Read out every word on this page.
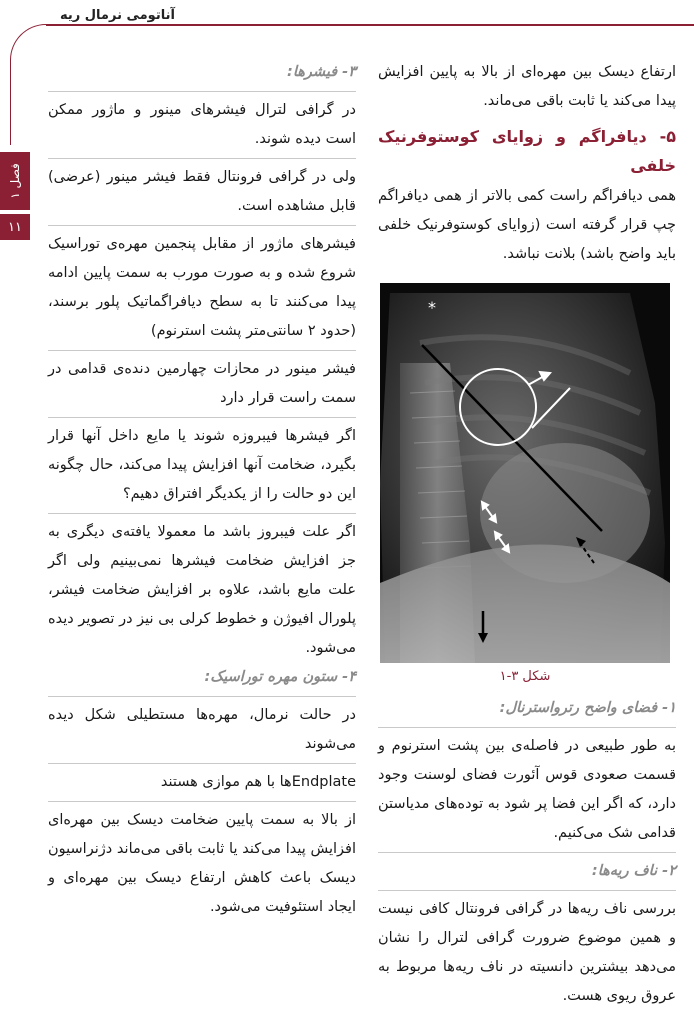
آناتومی نرمال ریه
فصل ۱
۱۱

ارتفاع دیسک بین مهره‌ای از بالا به پایین افزایش پیدا می‌کند یا ثابت باقی می‌ماند.

۵- دیافراگم و زوایای کوستوفرنیک خلفی

همی دیافراگم راست کمی بالاتر از همی دیافراگم چپ قرار گرفته است (زوایای کوستوفرنیک خلفی باید واضح باشد) بلانت نباشد.

*
شکل ۳-۱
۱- فضای واضح رترواسترنال:

به طور طبیعی در فاصله‌ی بین پشت استرنوم و قسمت صعودی قوس آئورت فضای لوسنت وجود دارد، که اگر این فضا پر شود به توده‌های مدیاستن قدامی شک می‌کنیم.

۲- ناف ریه‌ها:

بررسی ناف ریه‌ها در گرافی فرونتال کافی نیست و همین موضوع ضرورت گرافی لترال را نشان می‌دهد بیشترین دانسیته در ناف ریه‌ها مربوط به عروق ریوی هست.

۳- فیشرها:

در گرافی لترال فیشرهای مینور و ماژور ممکن است دیده شوند.

ولی در گرافی فرونتال فقط فیشر مینور (عرضی) قابل مشاهده است.

فیشرهای ماژور از مقابل پنجمین مهره‌ی توراسیک شروع شده و به صورت مورب به سمت پایین ادامه پیدا می‌کنند تا به سطح دیافراگماتیک پلور برسند، (حدود ۲ سانتی‌متر پشت استرنوم)

فیشر مینور در محازات چهارمین دنده‌ی قدامی در سمت راست قرار دارد

اگر فیشرها فیبروزه شوند یا مایع داخل آنها قرار بگیرد، ضخامت آنها افزایش پیدا می‌کند، حال چگونه این دو حالت را از یکدیگر افتراق دهیم؟

اگر علت فیبروز باشد ما معمولا یافته‌ی دیگری به جز افزایش ضخامت فیشرها نمی‌بینیم ولی اگر علت مایع باشد، علاوه بر افزایش ضخامت فیشر، پلورال افیوژن و خطوط کرلی بی نیز در تصویر دیده می‌شود.

۴- ستون مهره توراسیک:

در حالت نرمال، مهره‌ها مستطیلی شکل دیده می‌شوند

Endplateها با هم موازی هستند

از بالا به سمت پایین ضخامت دیسک بین مهره‌ای افزایش پیدا می‌کند یا ثابت باقی می‌ماند دژنراسیون دیسک باعث کاهش ارتفاع دیسک بین مهره‌ای و ایجاد استئوفیت می‌شود.
